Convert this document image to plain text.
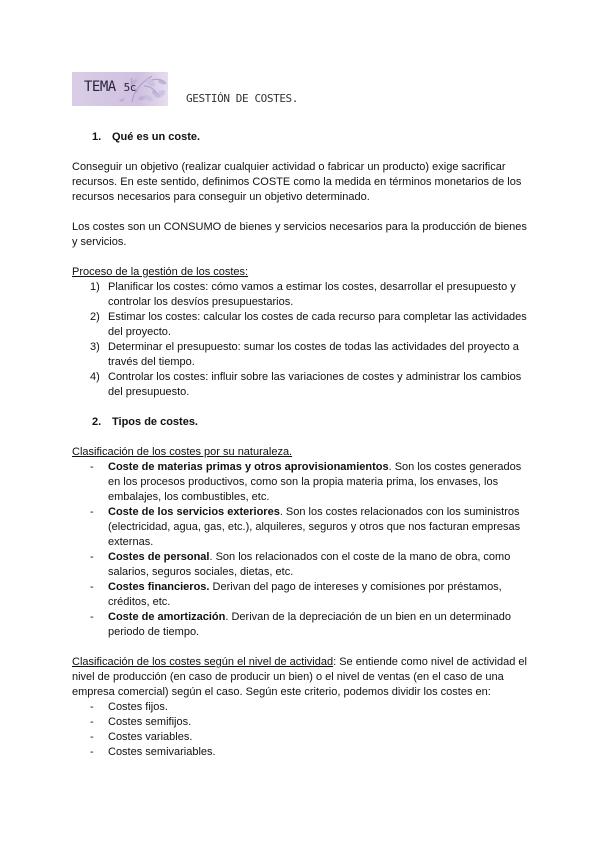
TEMA 5c
GESTIÓN DE COSTES.

1. Qué es un coste.

Conseguir un objetivo (realizar cualquier actividad o fabricar un producto) exige sacrificar recursos. En este sentido, definimos COSTE como la medida en términos monetarios de los recursos necesarios para conseguir un objetivo determinado.

Los costes son un CONSUMO de bienes y servicios necesarios para la producción de bienes y servicios.

Proceso de la gestión de los costes:

1) Planificar los costes: cómo vamos a estimar los costes, desarrollar el presupuesto y controlar los desvíos presupuestarios.
2) Estimar los costes: calcular los costes de cada recurso para completar las actividades del proyecto.
3) Determinar el presupuesto: sumar los costes de todas las actividades del proyecto a través del tiempo.
4) Controlar los costes: influir sobre las variaciones de costes y administrar los cambios del presupuesto.

2. Tipos de costes.

Clasificación de los costes por su naturaleza.

- Coste de materias primas y otros aprovisionamientos. Son los costes generados en los procesos productivos, como son la propia materia prima, los envases, los embalajes, los combustibles, etc.
- Coste de los servicios exteriores. Son los costes relacionados con los suministros (electricidad, agua, gas, etc.), alquileres, seguros y otros que nos facturan empresas externas.
- Costes de personal. Son los relacionados con el coste de la mano de obra, como salarios, seguros sociales, dietas, etc.
- Costes financieros. Derivan del pago de intereses y comisiones por préstamos, créditos, etc.
- Coste de amortización. Derivan de la depreciación de un bien en un determinado periodo de tiempo.

Clasificación de los costes según el nivel de actividad: Se entiende como nivel de actividad el nivel de producción (en caso de producir un bien) o el nivel de ventas (en el caso de una empresa comercial) según el caso. Según este criterio, podemos dividir los costes en:

- Costes fijos.
- Costes semifijos.
- Costes variables.
- Costes semivariables.
